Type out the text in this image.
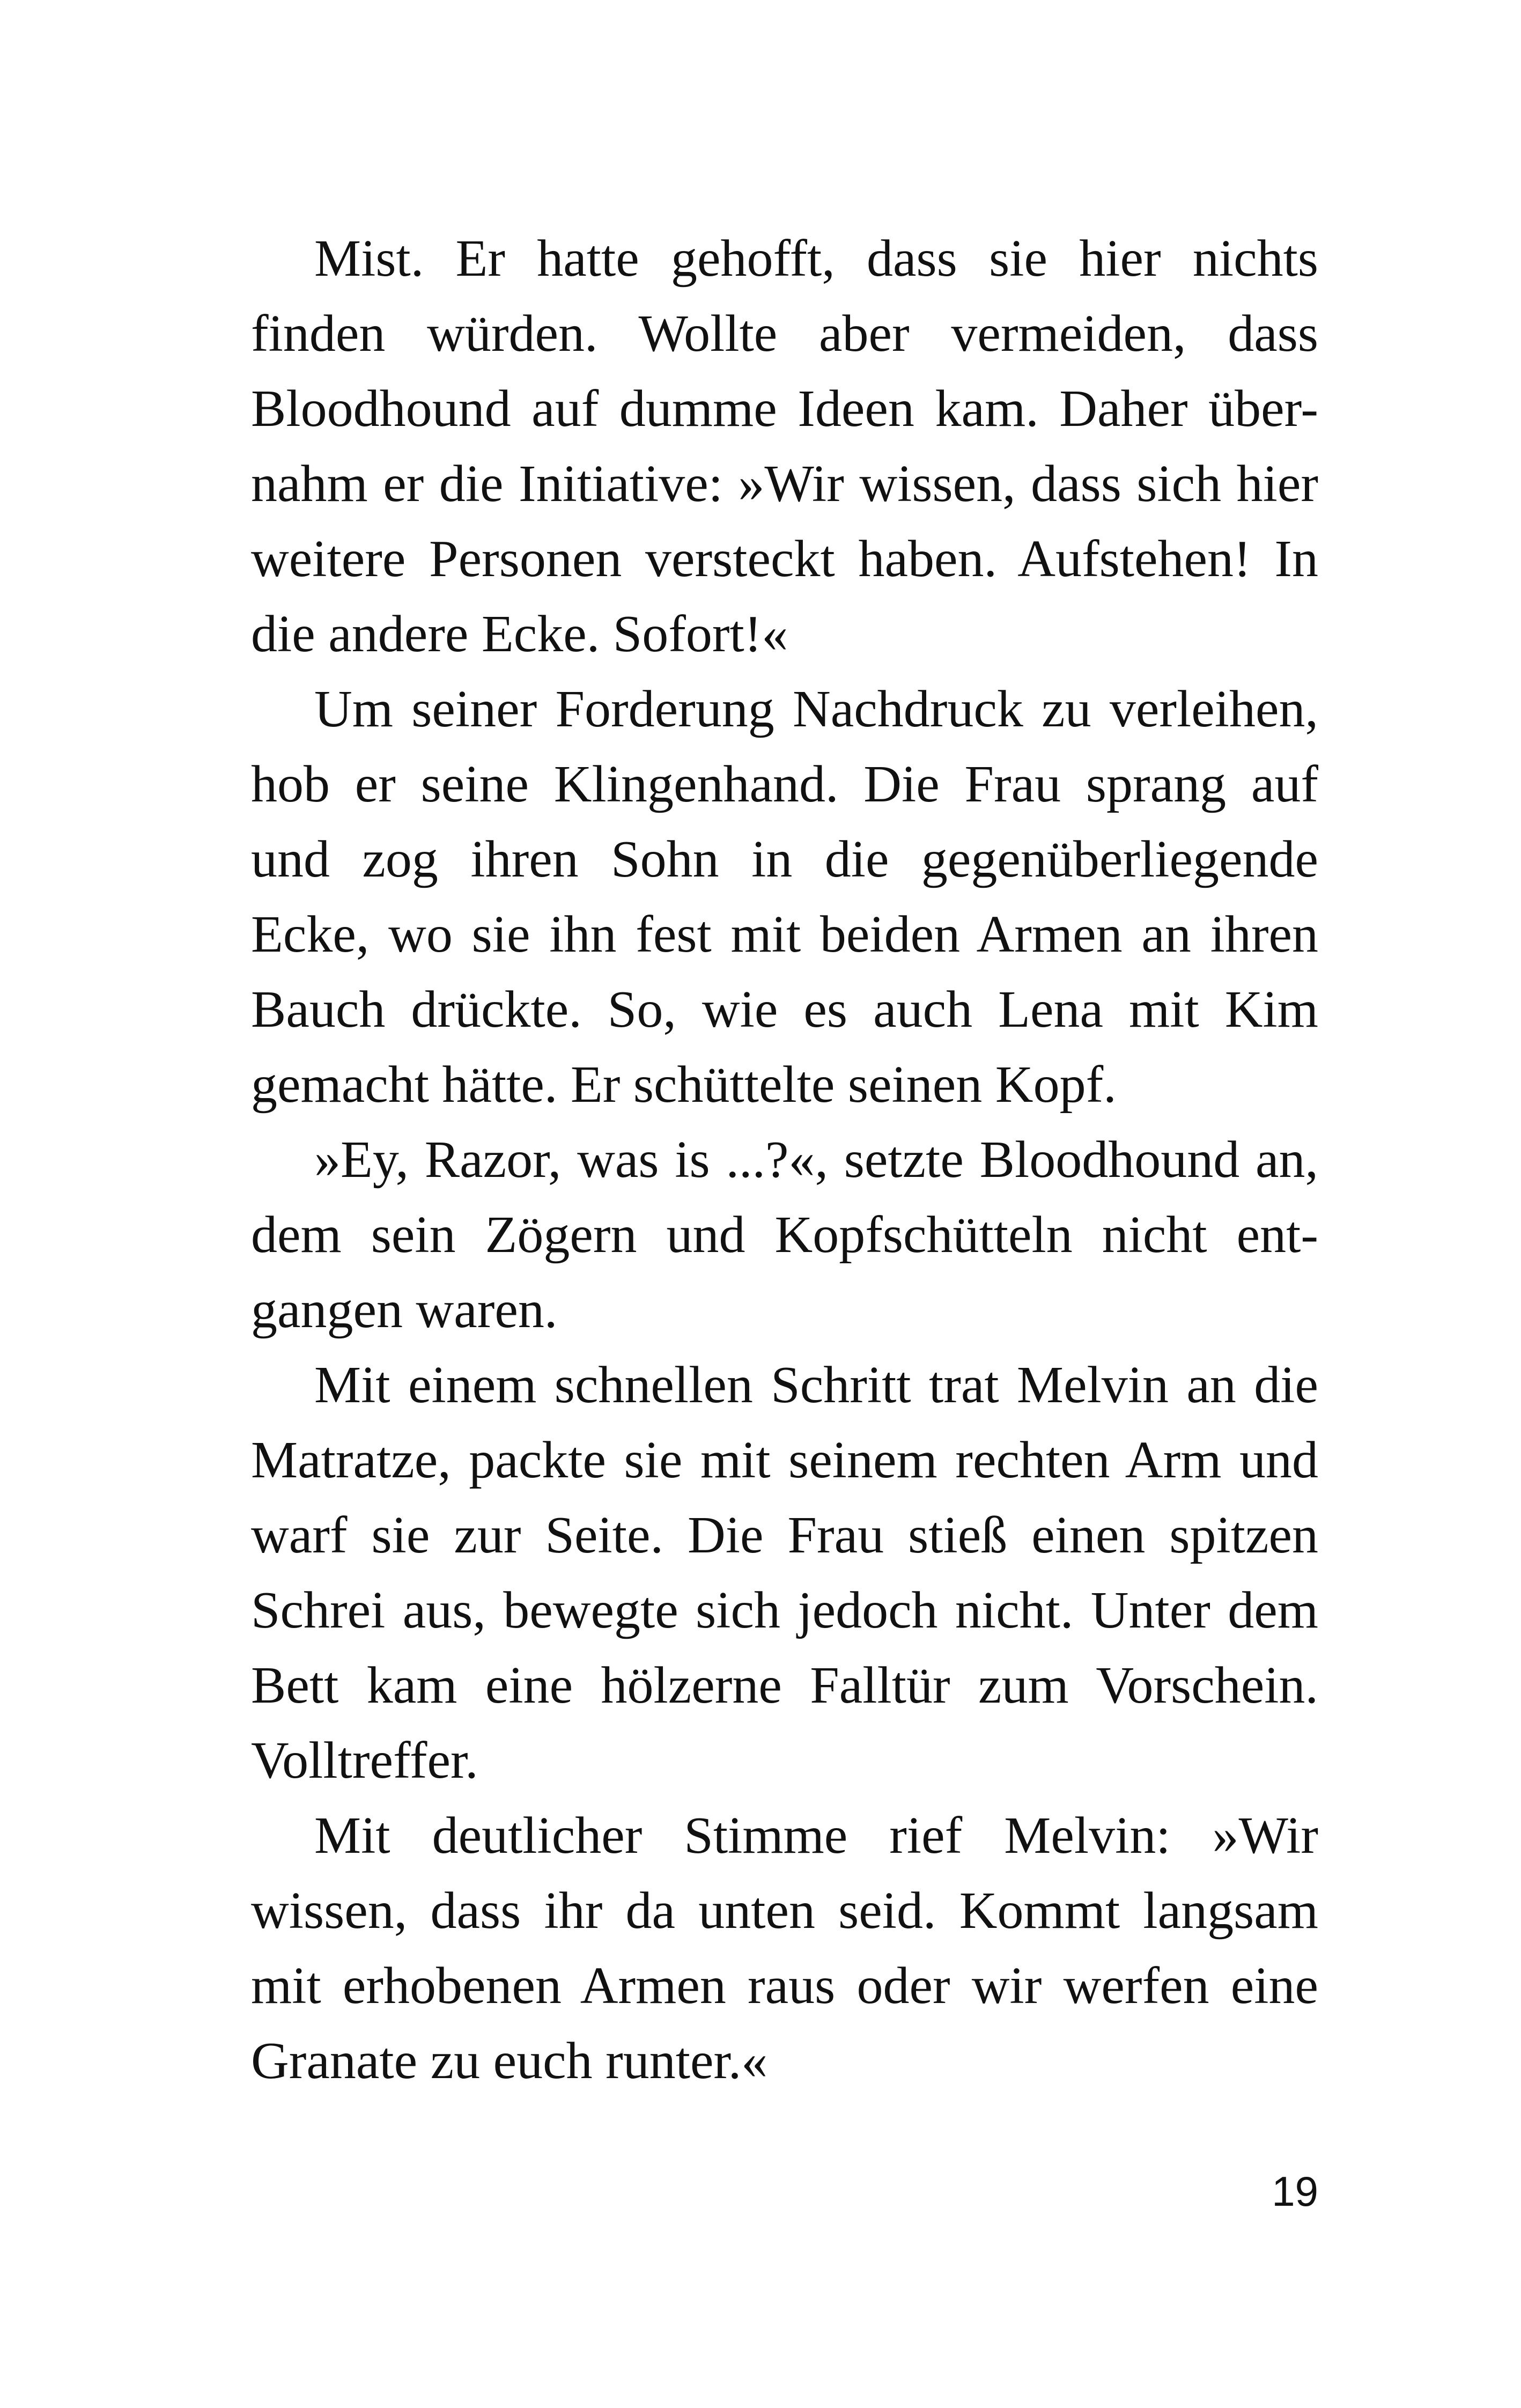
Mist. Er hatte gehofft, dass sie hier nichts
finden würden. Wollte aber vermeiden, dass
Bloodhound auf dumme Ideen kam. Daher über-
nahm er die Initiative: »Wir wissen, dass sich hier
weitere Personen versteckt haben. Aufstehen! In
die andere Ecke. Sofort!«
Um seiner Forderung Nachdruck zu verleihen,
hob er seine Klingenhand. Die Frau sprang auf
und zog ihren Sohn in die gegenüberliegende
Ecke, wo sie ihn fest mit beiden Armen an ihren
Bauch drückte. So, wie es auch Lena mit Kim
gemacht hätte. Er schüttelte seinen Kopf.
»Ey, Razor, was is ...?«, setzte Bloodhound an,
dem sein Zögern und Kopfschütteln nicht ent-
gangen waren.
Mit einem schnellen Schritt trat Melvin an die
Matratze, packte sie mit seinem rechten Arm und
warf sie zur Seite. Die Frau stieß einen spitzen
Schrei aus, bewegte sich jedoch nicht. Unter dem
Bett kam eine hölzerne Falltür zum Vorschein.
Volltreffer.
Mit deutlicher Stimme rief Melvin: »Wir
wissen, dass ihr da unten seid. Kommt langsam
mit erhobenen Armen raus oder wir werfen eine
Granate zu euch runter.«
19
